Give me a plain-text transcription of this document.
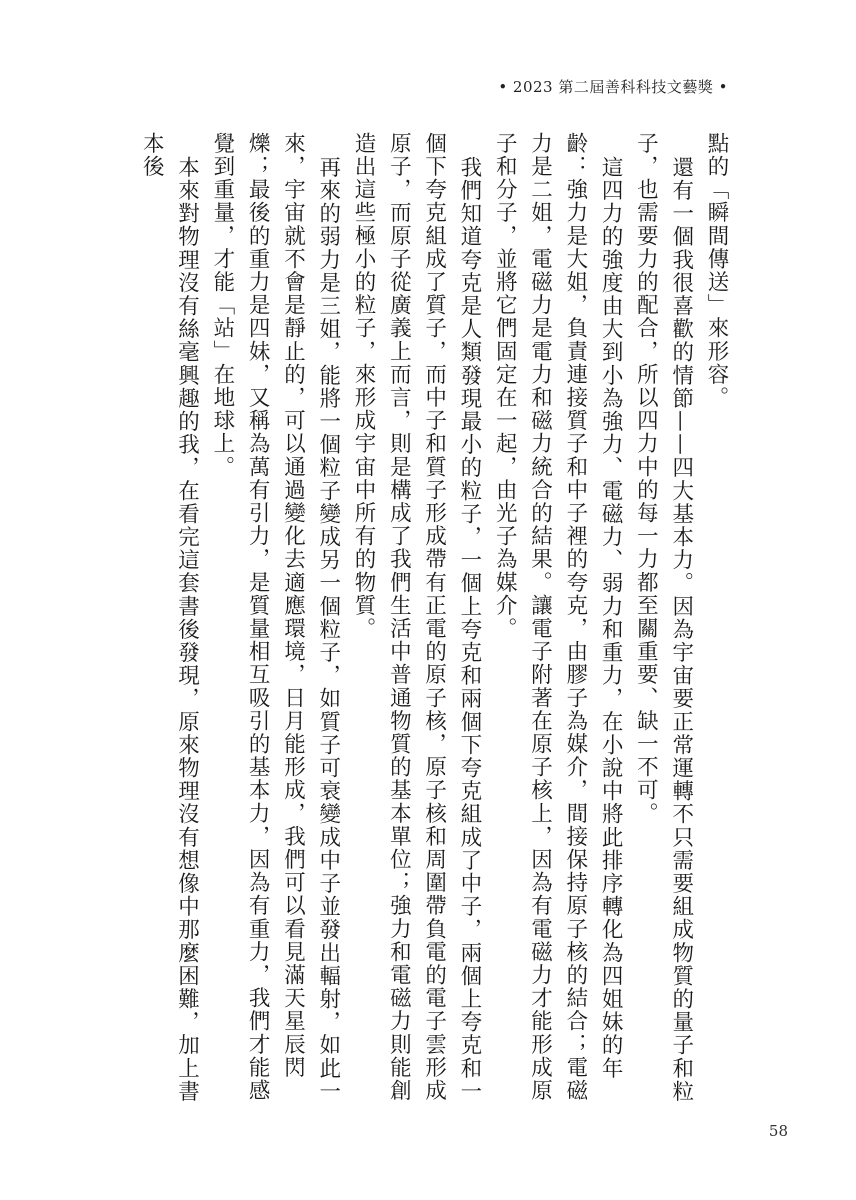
• 2023 第二屆善科科技文藝獎 •

點的「瞬間傳送」來形容。

還有一個我很喜歡的情節——四大基本力。因為宇宙要正常運轉不只需要組成物質的量子和粒子，也需要力的配合，所以四力中的每一力都至關重要、缺一不可。

這四力的強度由大到小為強力、電磁力、弱力和重力，在小說中將此排序轉化為四姐妹的年齡：強力是大姐，負責連接質子和中子裡的夸克，由膠子為媒介，間接保持原子核的結合；電磁力是二姐，電磁力是電力和磁力統合的結果。讓電子附著在原子核上，因為有電磁力才能形成原子和分子，並將它們固定在一起，由光子為媒介。

我們知道夸克是人類發現最小的粒子，一個上夸克和兩個下夸克組成了中子，兩個上夸克和一個下夸克組成了質子，而中子和質子形成帶有正電的原子核，原子核和周圍帶負電的電子雲形成原子，而原子從廣義上而言，則是構成了我們生活中普通物質的基本單位；強力和電磁力則能創造出這些極小的粒子，來形成宇宙中所有的物質。

再來的弱力是三姐，能將一個粒子變成另一個粒子，如質子可衰變成中子並發出輻射，如此一來，宇宙就不會是靜止的，可以通過變化去適應環境，日月能形成，我們可以看見滿天星辰閃爍；最後的重力是四妹，又稱為萬有引力，是質量相互吸引的基本力，因為有重力，我們才能感覺到重量，才能「站」在地球上。

本來對物理沒有絲毫興趣的我，在看完這套書後發現，原來物理沒有想像中那麼困難，加上書本後

58
